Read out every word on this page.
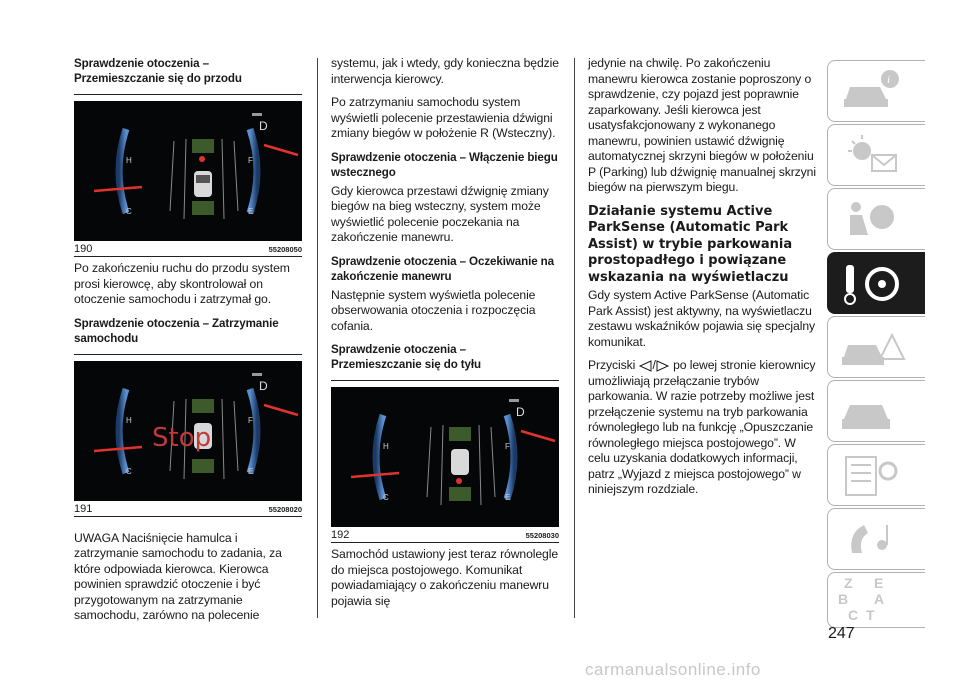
Sprawdzenie otoczenia – Przemieszczanie się do przodu
H
C
F
E
D
190	55208050

Po zakończeniu ruchu do przodu system prosi kierowcę, aby skontrolował on otoczenie samochodu i zatrzymał go.

Sprawdzenie otoczenia – Zatrzymanie samochodu
Stop
H
C
F
E
D
191	55208020

UWAGA Naciśnięcie hamulca i zatrzymanie samochodu to zadania, za które odpowiada kierowca. Kierowca powinien sprawdzić otoczenie i być przygotowanym na zatrzymanie samochodu, zarówno na polecenie

systemu, jak i wtedy, gdy konieczna będzie interwencja kierowcy.

Po zatrzymaniu samochodu system wyświetli polecenie przestawienia dźwigni zmiany biegów w położenie R (Wsteczny).

Sprawdzenie otoczenia – Włączenie biegu wstecznego

Gdy kierowca przestawi dźwignię zmiany biegów na bieg wsteczny, system może wyświetlić polecenie poczekania na zakończenie manewru.

Sprawdzenie otoczenia – Oczekiwanie na zakończenie manewru

Następnie system wyświetla polecenie obserwowania otoczenia i rozpoczęcia cofania.

Sprawdzenie otoczenia – Przemieszczanie się do tyłu
H
C
F
E
D
192	55208030

Samochód ustawiony jest teraz równolegle do miejsca postojowego. Komunikat powiadamiający o zakończeniu manewru pojawia się

jedynie na chwilę. Po zakończeniu manewru kierowca zostanie poproszony o sprawdzenie, czy pojazd jest poprawnie zaparkowany. Jeśli kierowca jest usatysfakcjonowany z wykonanego manewru, powinien ustawić dźwignię automatycznej skrzyni biegów w położeniu P (Parking) lub dźwignię manualnej skrzyni biegów na pierwszym biegu.

Działanie systemu Active ParkSense (Automatic Park Assist) w trybie parkowania prostopadłego i powiązane wskazania na wyświetlaczu

Gdy system Active ParkSense (Automatic Park Assist) jest aktywny, na wyświetlaczu zestawu wskaźników pojawia się specjalny komunikat.

Przyciski / po lewej stronie kierownicy umożliwiają przełączanie trybów parkowania. W razie potrzeby możliwe jest przełączenie systemu na tryb parkowania równoległego lub na funkcję „Opuszczanie równoległego miejsca postojowego”. W celu uzyskania dodatkowych informacji, patrz „Wyjazd z miejsca postojowego” w niniejszym rozdziale.

i
Z E
B A
C T
247
carmanualsonline.info
